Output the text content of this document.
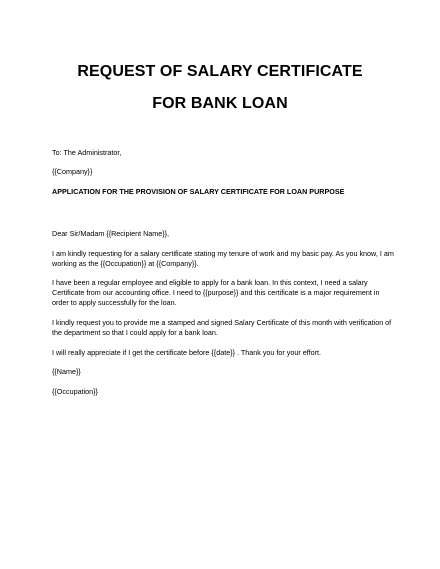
REQUEST OF SALARY CERTIFICATE
FOR BANK LOAN
To: The Administrator,
{{Company}}
APPLICATION FOR THE PROVISION OF SALARY CERTIFICATE FOR LOAN PURPOSE
Dear Sir/Madam {{Recipient Name}},
I am kindly requesting for a salary certificate stating my tenure of work and my basic pay. As you know, I am working as the {{Occupation}} at {{Company}}.
I have been a regular employee and eligible to apply for a bank loan. In this context, I need a salary Certificate from our accounting office. I need to {{purpose}} and this certificate is a major requirement in order to apply successfully for the loan.
I kindly request you to provide me a stamped and signed Salary Certificate of this month with verification of the department so that I could apply for a bank loan.
I will really appreciate if I get the certificate before {{date}} . Thank you for your effort.
{{Name}}
{{Occupation}}
